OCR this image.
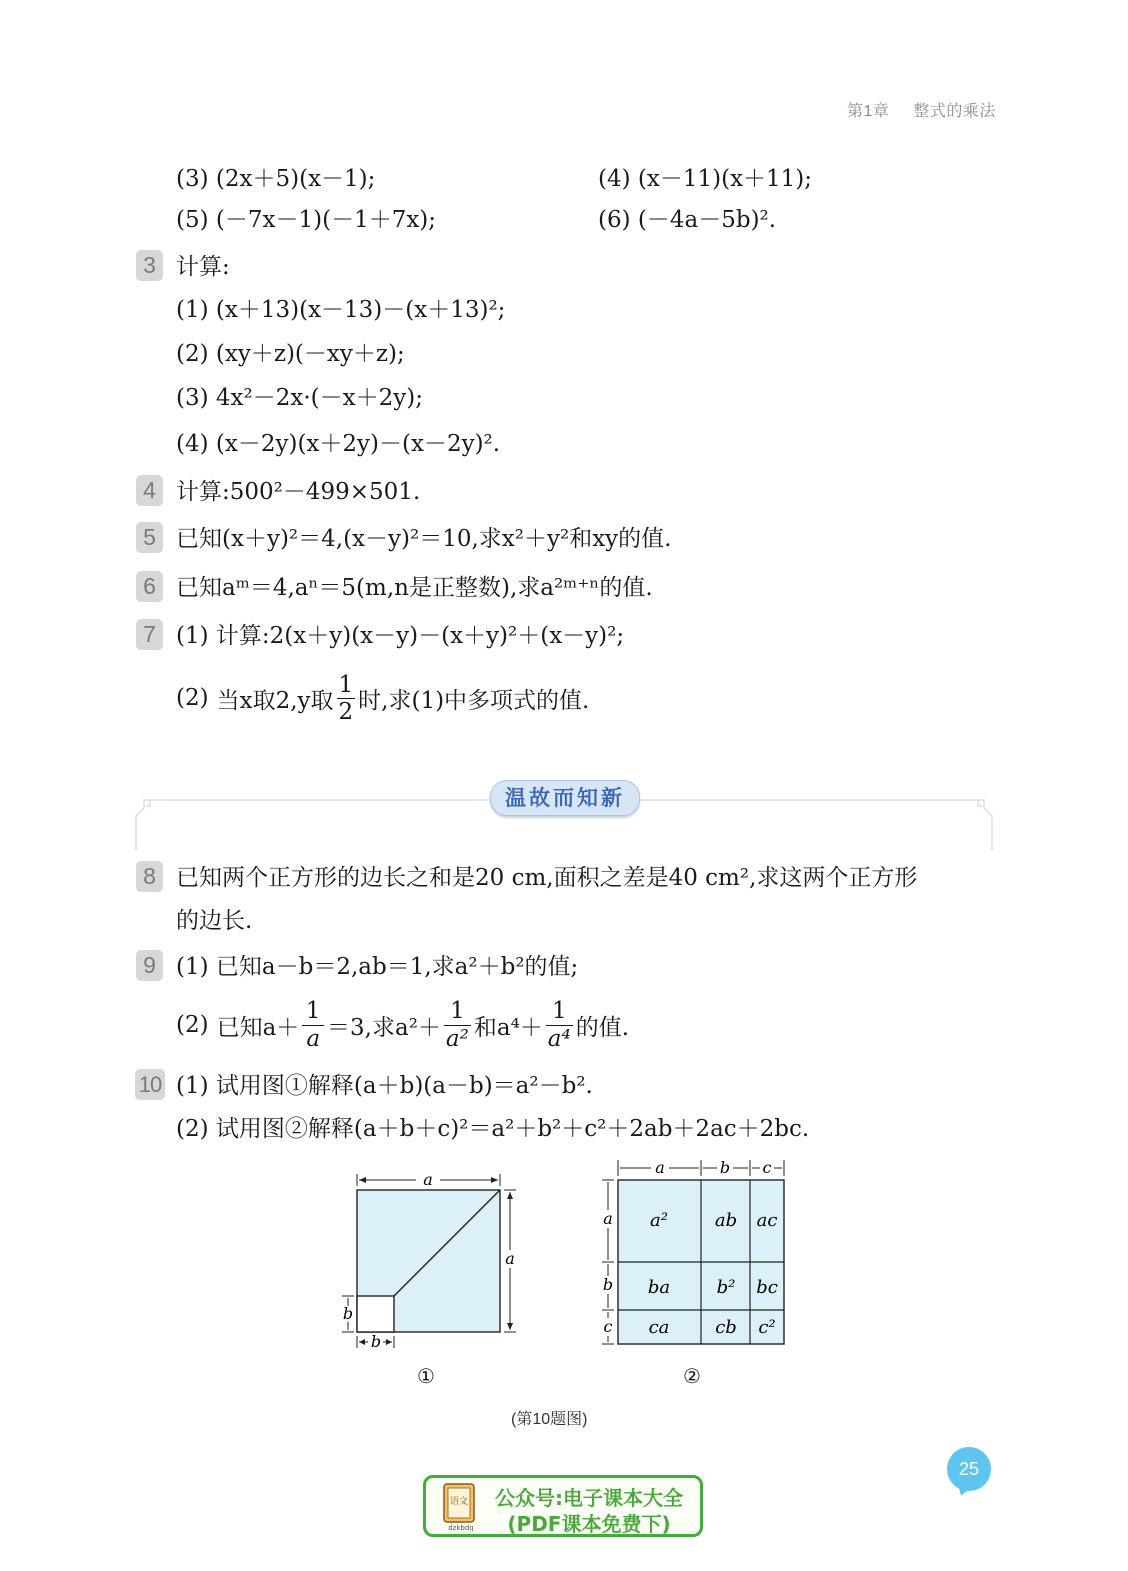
第1章 整式的乘法
(3) (2x＋5)(x－1);	(4) (x－11)(x＋11);
(5) (－7x－1)(－1＋7x);	(6) (－4a－5b)².
3 计算:
(1) (x＋13)(x－13)－(x＋13)²;
(2) (xy＋z)(－xy＋z);
(3) 4x²－2x·(－x＋2y);
(4) (x－2y)(x＋2y)－(x－2y)².
4 计算:500²－499×501.
5 已知(x＋y)²＝4,(x－y)²＝10,求x²＋y²和xy的值.
6 已知aᵐ＝4,aⁿ＝5(m,n是正整数),求a²ᵐ⁺ⁿ的值.
7 (1) 计算:2(x＋y)(x－y)－(x＋y)²＋(x－y)²;
(2) 当x取2,y取 $\frac{1}{2}$ 时,求(1)中多项式的值.
温故而知新
8 已知两个正方形的边长之和是20 cm,面积之差是40 cm²,求这两个正方形
的边长.
9 (1) 已知a－b＝2,ab＝1,求a²＋b²的值;
(2) 已知$a+ \frac{1}{a} =3$,求$a^2+ \frac{1}{\text{a²}}$ 和$a^4+ \frac{1}{\text{a⁴}}$ 的值.
10 (1) 试用图①解释(a＋b)(a－b)＝a²－b².
(2) 试用图②解释(a＋b＋c)²＝a²＋b²＋c²＋2ab＋2ac＋2bc.
a
a
b
b
①
a	b c
a
b
c
a²	ab ac
ba	b² bc
ca	cb c²
②
(第10题图)
25
语文
dzkbdq
公众号:电子课本大全
(PDF课本免费下)
